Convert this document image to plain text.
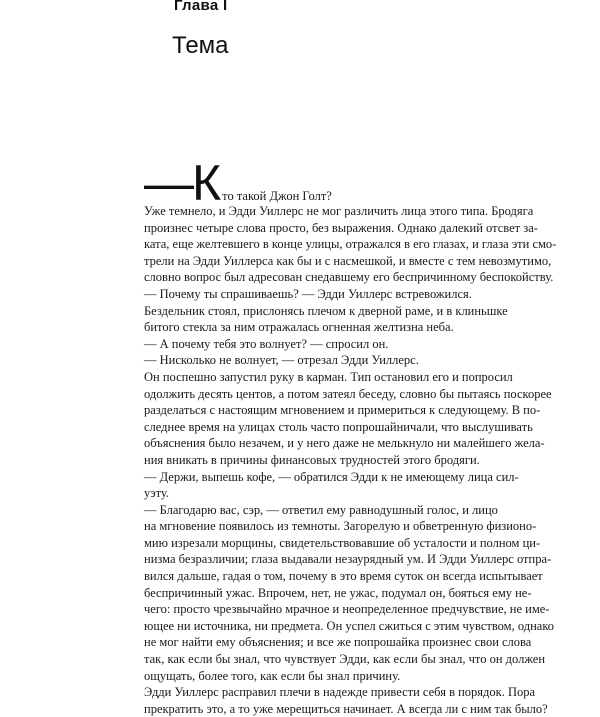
Глава I
Тема
—Кто такой Джон Голт?
Уже темнело, и Эдди Уиллерс не мог различить лица этого типа. Бродяга
произнес четыре слова просто, без выражения. Однако далекий отсвет за-
ката, еще желтевшего в конце улицы, отражался в его глазах, и глаза эти смо-
трели на Эдди Уиллерса как бы и с насмешкой, и вместе с тем невозмутимо,
словно вопрос был адресован снедавшему его беспричинному беспокойству.
— Почему ты спрашиваешь? — Эдди Уиллерс встревожился.
Бездельник стоял, прислонясь плечом к дверной раме, и в клиньшке
битого стекла за ним отражалась огненная желтизна неба.
— А почему тебя это волнует? — спросил он.
— Нисколько не волнует, — отрезал Эдди Уиллерс.
Он поспешно запустил руку в карман. Тип остановил его и попросил
одолжить десять центов, а потом затеял беседу, словно бы пытаясь поскорее
разделаться с настоящим мгновением и примериться к следующему. В по-
следнее время на улицах столь часто попрошайничали, что выслушивать
объяснения было незачем, и у него даже не мелькнуло ни малейшего жела-
ния вникать в причины финансовых трудностей этого бродяги.
— Держи, выпешь кофе, — обратился Эдди к не имеющему лица сил-
уэту.
— Благодарю вас, сэр, — ответил ему равнодушный голос, и лицо
на мгновение появилось из темноты. Загорелую и обветренную физионо-
мию изрезали морщины, свидетельствовавшие об усталости и полном ци-
низма безразличии; глаза выдавали незаурядный ум. И Эдди Уиллерс отпра-
вился дальше, гадая о том, почему в это время суток он всегда испытывает
беспричинный ужас. Впрочем, нет, не ужас, подумал он, бояться ему не-
чего: просто чрезвычайно мрачное и неопределенное предчувствие, не име-
ющее ни источника, ни предмета. Он успел сжиться с этим чувством, однако
не мог найти ему объяснения; и все же попрошайка произнес свои слова
так, как если бы знал, что чувствует Эдди, как если бы знал, что он должен
ощущать, более того, как если бы знал причину.
Эдди Уиллерс расправил плечи в надежде привести себя в порядок. Пора
прекратить это, а то уже мерещиться начинает. А всегда ли с ним так было?
